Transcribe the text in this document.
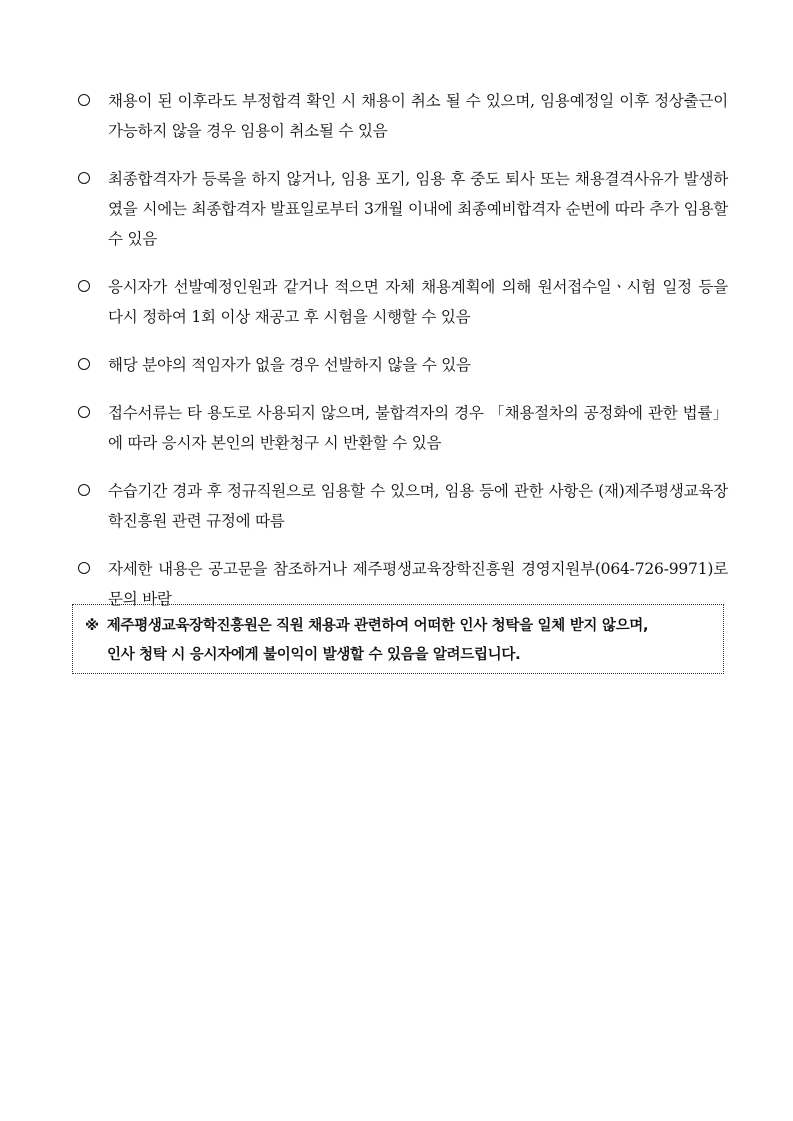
채용이 된 이후라도 부정합격 확인 시 채용이 취소 될 수 있으며, 임용예정일 이후 정상출근이 가능하지 않을 경우 임용이 취소될 수 있음
최종합격자가 등록을 하지 않거나, 임용 포기, 임용 후 중도 퇴사 또는 채용결격사유가 발생하였을 시에는 최종합격자 발표일로부터 3개월 이내에 최종예비합격자 순번에 따라 추가 임용할 수 있음
응시자가 선발예정인원과 같거나 적으면 자체 채용계획에 의해 원서접수일ㆍ시험 일정 등을 다시 정하여 1회 이상 재공고 후 시험을 시행할 수 있음
해당 분야의 적임자가 없을 경우 선발하지 않을 수 있음
접수서류는 타 용도로 사용되지 않으며, 불합격자의 경우 「채용절차의 공정화에 관한 법률」에 따라 응시자 본인의 반환청구 시 반환할 수 있음
수습기간 경과 후 정규직원으로 임용할 수 있으며, 임용 등에 관한 사항은 (재)제주평생교육장학진흥원 관련 규정에 따름
자세한 내용은 공고문을 참조하거나 제주평생교육장학진흥원 경영지원부(064-726-9971)로 문의 바람
※ 제주평생교육장학진흥원은 직원 채용과 관련하여 어떠한 인사 청탁을 일체 받지 않으며,
인사 청탁 시 응시자에게 불이익이 발생할 수 있음을 알려드립니다.
